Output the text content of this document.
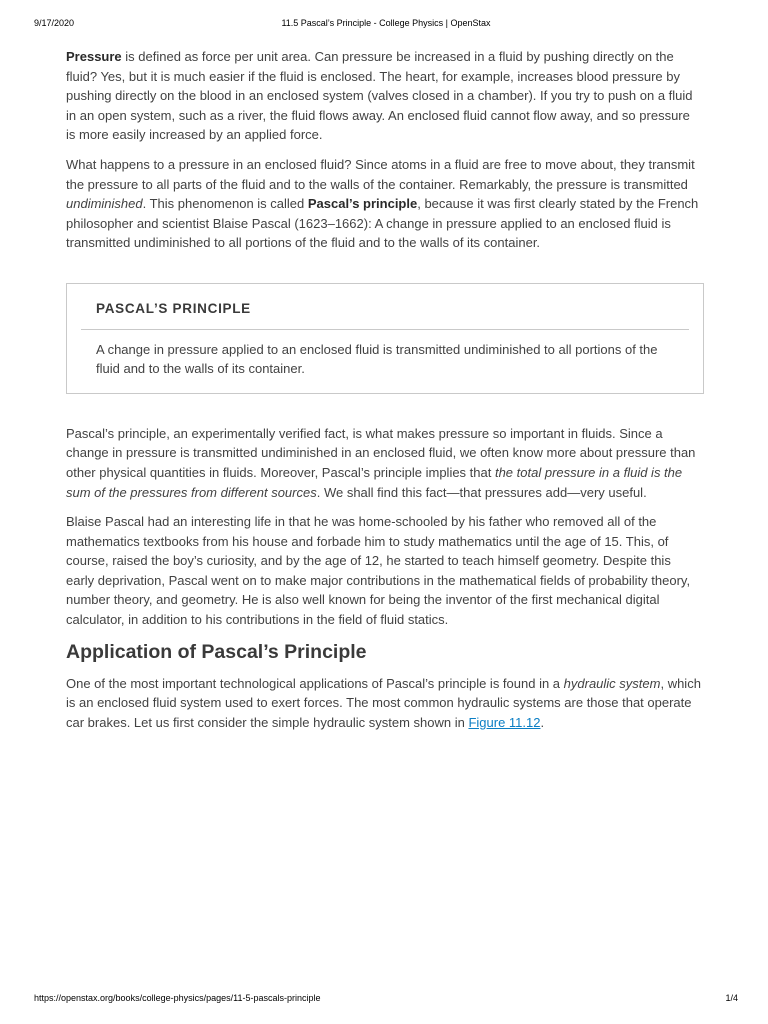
9/17/2020	11.5 Pascal’s Principle - College Physics | OpenStax

Pressure is defined as force per unit area. Can pressure be increased in a fluid by pushing directly on the fluid? Yes, but it is much easier if the fluid is enclosed. The heart, for example, increases blood pressure by pushing directly on the blood in an enclosed system (valves closed in a chamber). If you try to push on a fluid in an open system, such as a river, the fluid flows away. An enclosed fluid cannot flow away, and so pressure is more easily increased by an applied force.

What happens to a pressure in an enclosed fluid? Since atoms in a fluid are free to move about, they transmit the pressure to all parts of the fluid and to the walls of the container. Remarkably, the pressure is transmitted undiminished. This phenomenon is called Pascal’s principle, because it was first clearly stated by the French philosopher and scientist Blaise Pascal (1623–1662): A change in pressure applied to an enclosed fluid is transmitted undiminished to all portions of the fluid and to the walls of its container.

PASCAL’S PRINCIPLE
A change in pressure applied to an enclosed fluid is transmitted undiminished to all portions of the fluid and to the walls of its container.

Pascal’s principle, an experimentally verified fact, is what makes pressure so important in fluids. Since a change in pressure is transmitted undiminished in an enclosed fluid, we often know more about pressure than other physical quantities in fluids. Moreover, Pascal’s principle implies that the total pressure in a fluid is the sum of the pressures from different sources. We shall find this fact—that pressures add—very useful.

Blaise Pascal had an interesting life in that he was home-schooled by his father who removed all of the mathematics textbooks from his house and forbade him to study mathematics until the age of 15. This, of course, raised the boy’s curiosity, and by the age of 12, he started to teach himself geometry. Despite this early deprivation, Pascal went on to make major contributions in the mathematical fields of probability theory, number theory, and geometry. He is also well known for being the inventor of the first mechanical digital calculator, in addition to his contributions in the field of fluid statics.

Application of Pascal’s Principle

One of the most important technological applications of Pascal’s principle is found in a hydraulic system, which is an enclosed fluid system used to exert forces. The most common hydraulic systems are those that operate car brakes. Let us first consider the simple hydraulic system shown in Figure 11.12.

https://openstax.org/books/college-physics/pages/11-5-pascals-principle	1/4
